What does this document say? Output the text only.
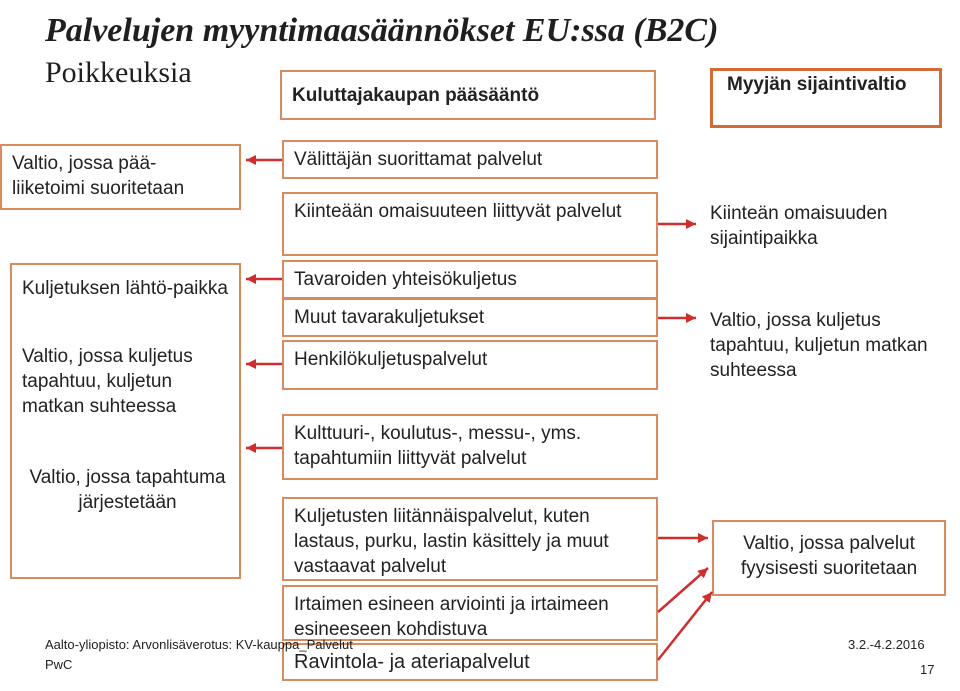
Palvelujen myyntimaasäännökset EU:ssa (B2C)
Poikkeuksia
Kuluttajakaupan pääsääntö
Myyjän sijaintivaltio
Valtio, jossa pää-liiketoimi suoritetaan
Kuljetuksen lähtö-paikka
Valtio, jossa kuljetus tapahtuu, kuljetun matkan suhteessa
Valtio, jossa tapahtuma järjestetään
Välittäjän suorittamat palvelut
Kiinteään omaisuuteen liittyvät palvelut
Tavaroiden yhteisökuljetus
Muut tavarakuljetukset
Henkilökuljetuspalvelut
Kulttuuri-, koulutus-, messu-, yms. tapahtumiin liittyvät palvelut
Kuljetusten liitännäispalvelut, kuten lastaus, purku, lastin käsittely ja muut vastaavat palvelut
Irtaimen esineen arviointi ja irtaimeen esineeseen kohdistuva
Ravintola- ja ateriapalvelut
Kiinteän omaisuuden sijaintipaikka
Valtio, jossa kuljetus tapahtuu, kuljetun matkan suhteessa
Valtio, jossa palvelut fyysisesti suoritetaan
Aalto-yliopisto: Arvonlisäverotus: KV-kauppa_Palvelut
PwC
3.2.-4.2.2016
17
